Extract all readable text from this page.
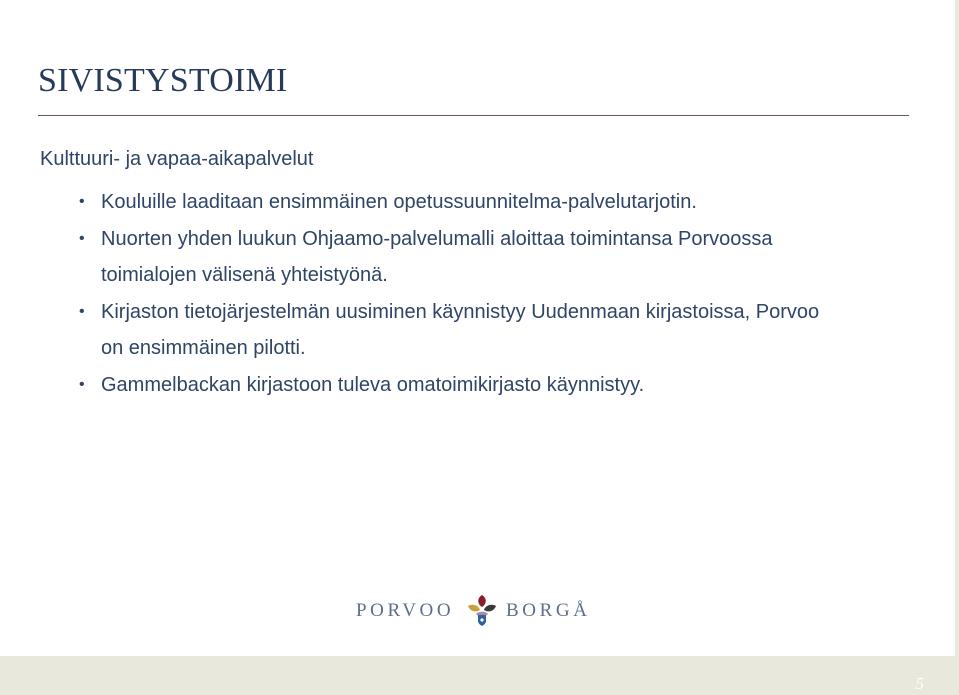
SIVISTYSTOIMI
Kulttuuri- ja vapaa-aikapalvelut
• Kouluille laaditaan ensimmäinen opetussuunnitelma-palvelutarjotin.
• Nuorten yhden luukun Ohjaamo-palvelumalli aloittaa toimintansa Porvoossa toimialojen välisenä yhteistyönä.
• Kirjaston tietojärjestelmän uusiminen käynnistyy Uudenmaan kirjastoissa, Porvoo on ensimmäinen pilotti.
• Gammelbackan kirjastoon tuleva omatoimikirjasto käynnistyy.
PORVOO	BORGÅ
5
